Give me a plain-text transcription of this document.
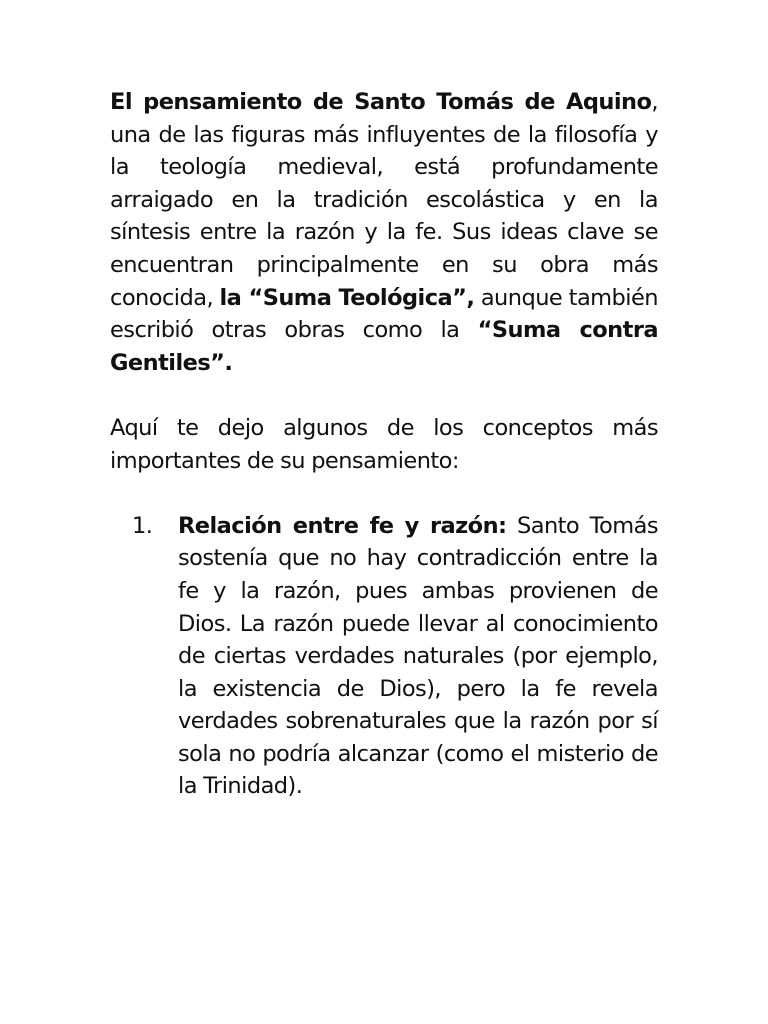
El pensamiento de Santo Tomás de Aquino, una de las figuras más influyentes de la filosofía y la teología medieval, está profundamente arraigado en la tradición escolástica y en la síntesis entre la razón y la fe. Sus ideas clave se encuentran principalmente en su obra más conocida, la “Suma Teológica”, aunque también escribió otras obras como la “Suma contra Gentiles”.

Aquí te dejo algunos de los conceptos más importantes de su pensamiento:

1. Relación entre fe y razón: Santo Tomás sostenía que no hay contradicción entre la fe y la razón, pues ambas provienen de Dios. La razón puede llevar al conocimiento de ciertas verdades naturales (por ejemplo, la existencia de Dios), pero la fe revela verdades sobrenaturales que la razón por sí sola no podría alcanzar (como el misterio de la Trinidad).
